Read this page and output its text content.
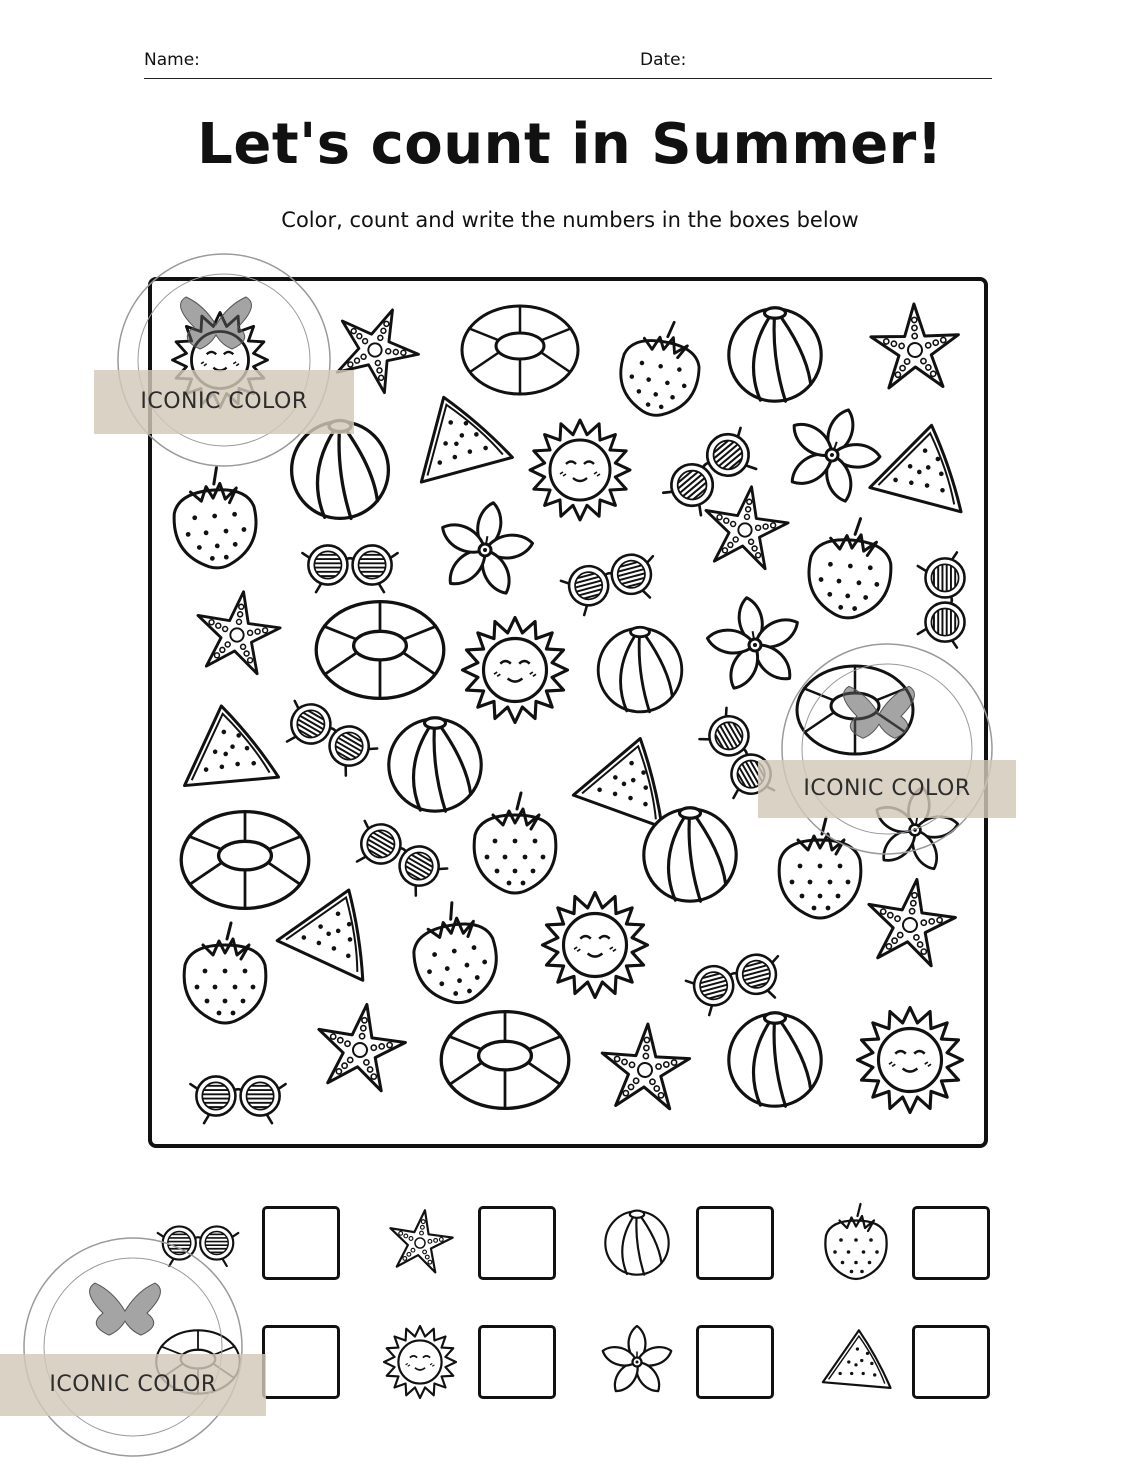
Name:	Date:
Let's count in Summer!
Color, count and write the numbers in the boxes below
ICONIC COLOR
ICONIC COLOR
ICONIC COLOR
